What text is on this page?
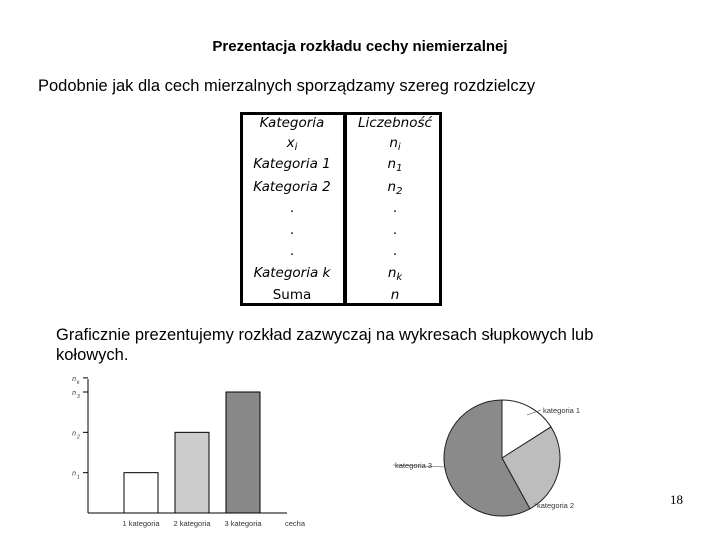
Prezentacja rozkładu cechy niemierzalnej
Podobnie jak dla cech mierzalnych sporządzamy szereg rozdzielczy
Kategoria
$x_i$
Kategoria 1
Kategoria 2
.
.
.
Kategoria k
Suma
Liczebność
$n_i$
$n_1$
$n_2$
.
.
.
$n_k$
n
Graficznie prezentujemy rozkład zazwyczaj na wykresach słupkowych lub kołowych.
1 kategoria 2 kategoria 3 kategoria	cecha
n 1
n
2
n 3
n k
kategoria 1
kategoria 2
kategoria 3
18
